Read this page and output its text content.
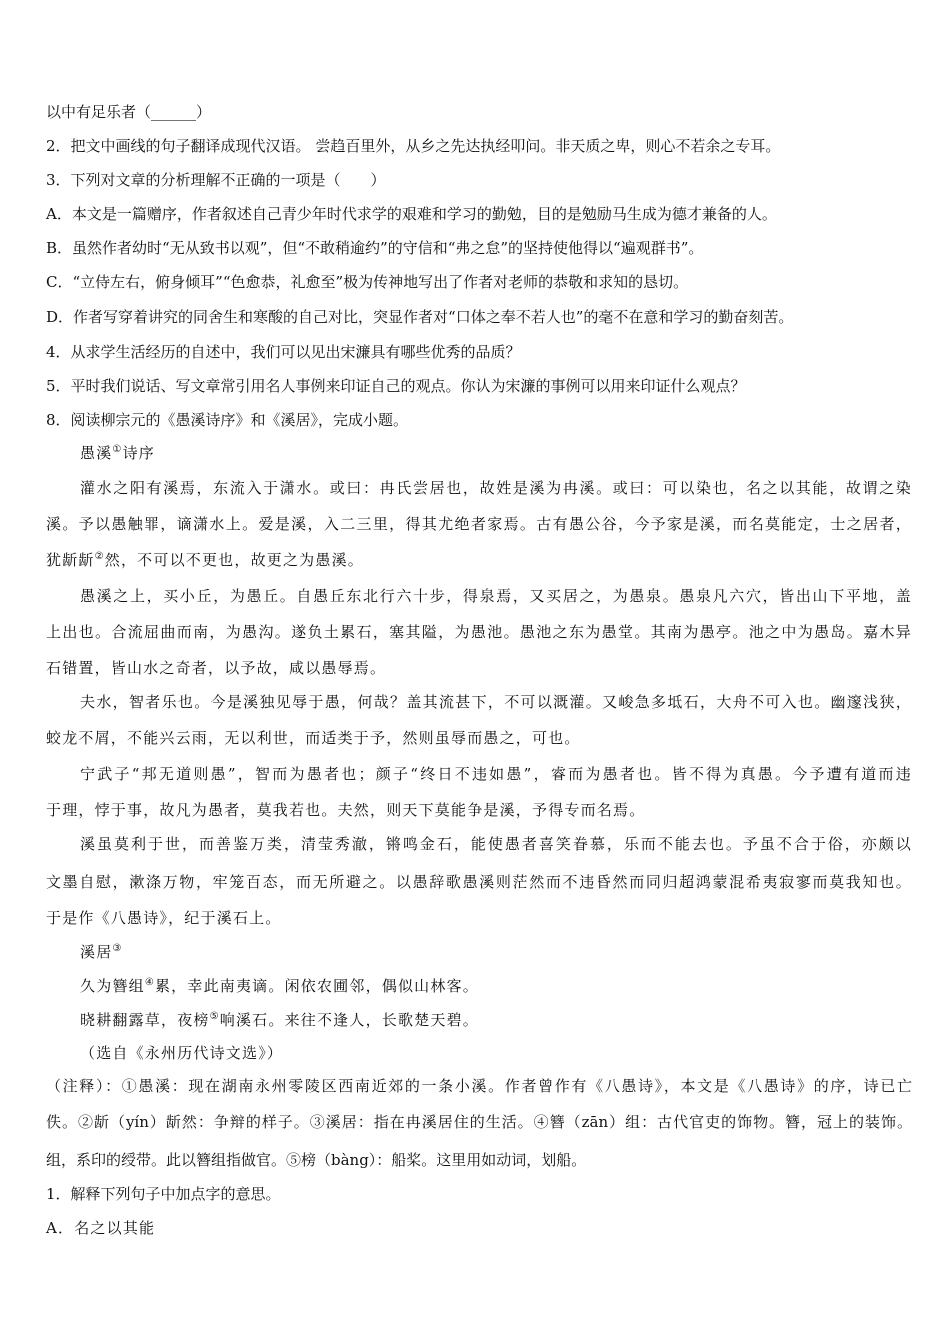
以中有足乐者（______）
2．把文中画线的句子翻译成现代汉语。 尝趋百里外，从乡之先达执经叩问。非天质之卑，则心不若余之专耳。
3．下列对文章的分析理解不正确的一项是（　　）
A．本文是一篇赠序，作者叙述自己青少年时代求学的艰难和学习的勤勉，目的是勉励马生成为德才兼备的人。
B．虽然作者幼时“无从致书以观”，但“不敢稍逾约”的守信和“弗之怠”的坚持使他得以“遍观群书”。
C．“立侍左右，俯身倾耳”“色愈恭，礼愈至”极为传神地写出了作者对老师的恭敬和求知的恳切。
D．作者写穿着讲究的同舍生和寒酸的自己对比，突显作者对“口体之奉不若人也”的毫不在意和学习的勤奋刻苦。
4．从求学生活经历的自述中，我们可以见出宋濂具有哪些优秀的品质？
5．平时我们说话、写文章常引用名人事例来印证自己的观点。你认为宋濂的事例可以用来印证什么观点？
8．阅读柳宗元的《愚溪诗序》和《溪居》，完成小题。
愚溪①诗序
灌水之阳有溪焉，东流入于潇水。或曰：冉氏尝居也，故姓是溪为冉溪。或曰：可以染也，名之以其能，故谓之染
溪。予以愚触罪，谪潇水上。爱是溪，入二三里，得其尤绝者家焉。古有愚公谷，今予家是溪，而名莫能定，士之居者，
犹龂龂②然，不可以不更也，故更之为愚溪。
愚溪之上，买小丘，为愚丘。自愚丘东北行六十步，得泉焉，又买居之，为愚泉。愚泉凡六穴，皆出山下平地，盖
上出也。合流屈曲而南，为愚沟。遂负土累石，塞其隘，为愚池。愚池之东为愚堂。其南为愚亭。池之中为愚岛。嘉木异
石错置，皆山水之奇者，以予故，咸以愚辱焉。
夫水，智者乐也。今是溪独见辱于愚，何哉？盖其流甚下，不可以溉灌。又峻急多坻石，大舟不可入也。幽邃浅狭，
蛟龙不屑，不能兴云雨，无以利世，而适类于予，然则虽辱而愚之，可也。
宁武子“邦无道则愚”，智而为愚者也；颜子“终日不违如愚”，睿而为愚者也。皆不得为真愚。今予遭有道而违
于理，悖于事，故凡为愚者，莫我若也。夫然，则天下莫能争是溪，予得专而名焉。
溪虽莫利于世，而善鉴万类，清莹秀澈，锵鸣金石，能使愚者喜笑眷慕，乐而不能去也。予虽不合于俗，亦颇以
文墨自慰，漱涤万物，牢笼百态，而无所避之。以愚辞歌愚溪则茫然而不违昏然而同归超鸿蒙混希夷寂寥而莫我知也。
于是作《八愚诗》，纪于溪石上。
溪居③
久为簪组④累，幸此南夷谪。闲依农圃邻，偶似山林客。
晓耕翻露草，夜榜⑤响溪石。来往不逢人，长歌楚天碧。
（选自《永州历代诗文选》）
（注释）：①愚溪：现在湖南永州零陵区西南近郊的一条小溪。作者曾作有《八愚诗》，本文是《八愚诗》的序，诗已亡
佚。②龂（yín）龂然：争辩的样子。③溪居：指在冉溪居住的生活。④簪（zān）组：古代官吏的饰物。簪，冠上的装饰。
组，系印的绶带。此以簪组指做官。⑤榜（bàng）：船桨。这里用如动词，划船。
1．解释下列句子中加点字的意思。
A．名之以其能
